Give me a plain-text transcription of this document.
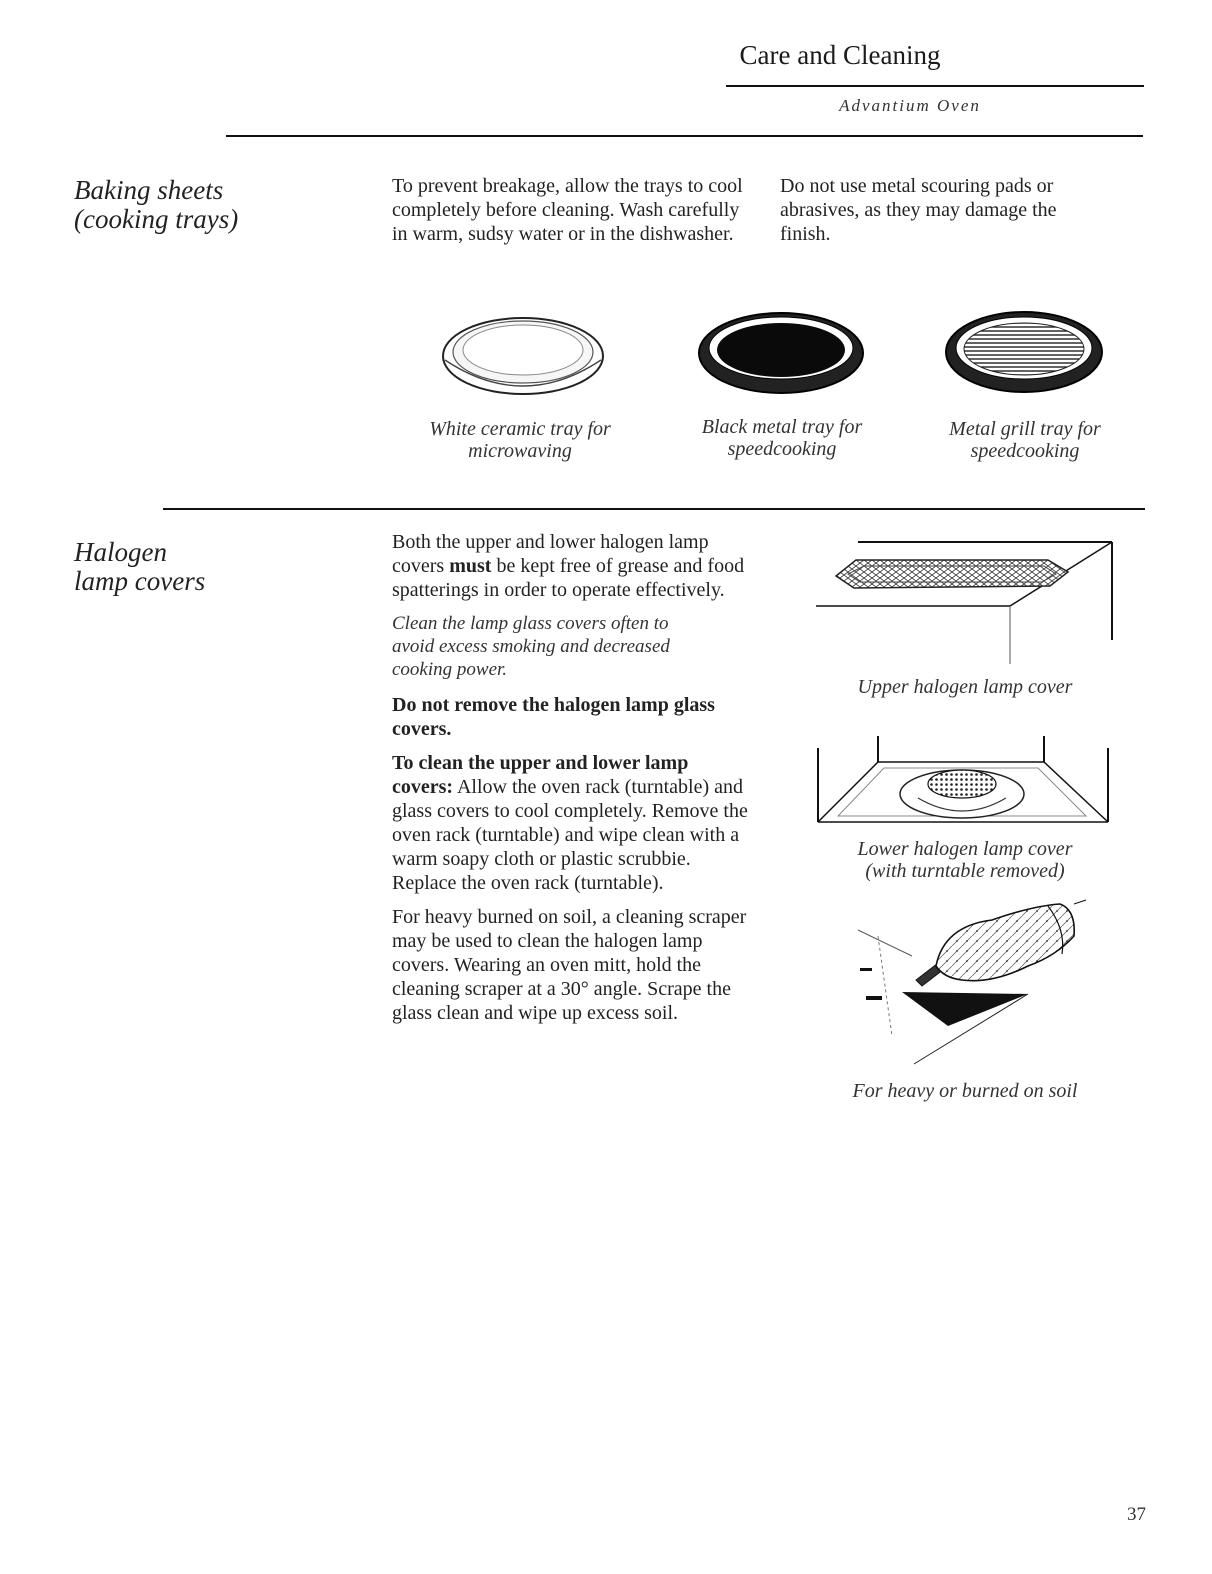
Care and Cleaning
Advantium Oven
Baking sheets
(cooking trays)

To prevent breakage, allow the trays to cool completely before cleaning. Wash carefully in warm, sudsy water or in the dishwasher.

Do not use metal scouring pads or abrasives, as they may damage the finish.

White ceramic tray for
microwaving
Black metal tray for
speedcooking
Metal grill tray for
speedcooking
Halogen
lamp covers

Both the upper and lower halogen lamp covers must be kept free of grease and food spatterings in order to operate effectively.

Clean the lamp glass covers often to avoid excess smoking and decreased cooking power.

Do not remove the halogen lamp glass covers.

To clean the upper and lower lamp covers: Allow the oven rack (turntable) and glass covers to cool completely. Remove the oven rack (turntable) and wipe clean with a warm soapy cloth or plastic scrubbie. Replace the oven rack (turntable).

For heavy burned on soil, a cleaning scraper may be used to clean the halogen lamp covers. Wearing an oven mitt, hold the cleaning scraper at a 30° angle. Scrape the glass clean and wipe up excess soil.

Upper halogen lamp cover
Lower halogen lamp cover
(with turntable removed)
For heavy or burned on soil
37
